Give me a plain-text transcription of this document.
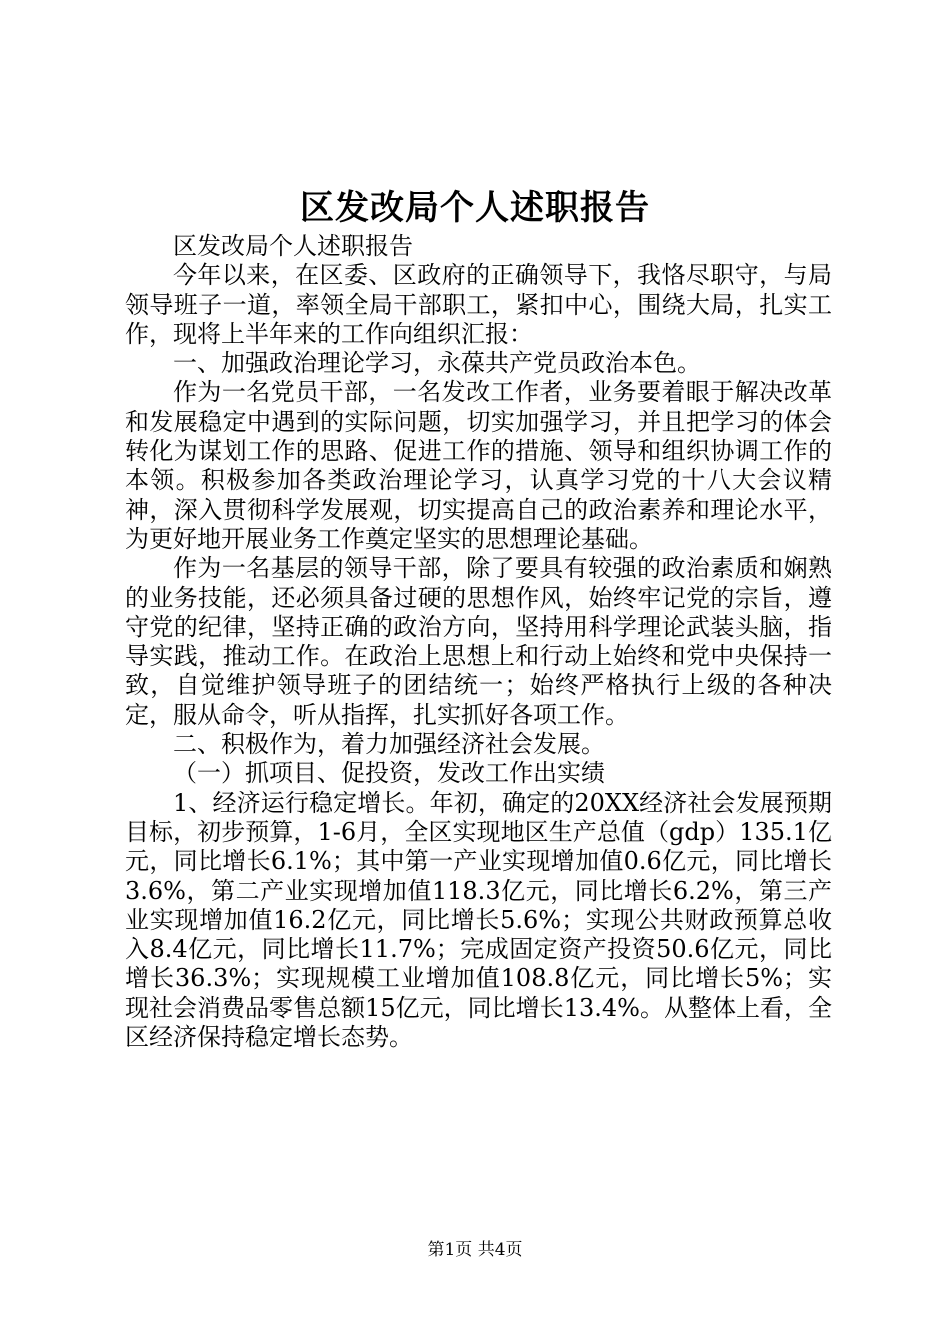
区发改局个人述职报告

区发改局个人述职报告

今年以来，在区委、区政府的正确领导下，我恪尽职守，与局领导班子一道，率领全局干部职工，紧扣中心，围绕大局，扎实工作，现将上半年来的工作向组织汇报：

一、加强政治理论学习，永葆共产党员政治本色。

作为一名党员干部，一名发改工作者，业务要着眼于解决改革和发展稳定中遇到的实际问题，切实加强学习，并且把学习的体会转化为谋划工作的思路、促进工作的措施、领导和组织协调工作的本领。积极参加各类政治理论学习，认真学习党的十八大会议精神，深入贯彻科学发展观，切实提高自己的政治素养和理论水平，为更好地开展业务工作奠定坚实的思想理论基础。

作为一名基层的领导干部，除了要具有较强的政治素质和娴熟的业务技能，还必须具备过硬的思想作风，始终牢记党的宗旨，遵守党的纪律，坚持正确的政治方向，坚持用科学理论武装头脑，指导实践，推动工作。在政治上思想上和行动上始终和党中央保持一致，自觉维护领导班子的团结统一；始终严格执行上级的各种决定，服从命令，听从指挥，扎实抓好各项工作。

二、积极作为，着力加强经济社会发展。

（一）抓项目、促投资，发改工作出实绩

1、经济运行稳定增长。年初，确定的20XX经济社会发展预期目标，初步预算，1-6月，全区实现地区生产总值（gdp）135.1亿元，同比增长6.1%；其中第一产业实现增加值0.6亿元，同比增长3.6%，第二产业实现增加值118.3亿元，同比增长6.2%，第三产业实现增加值16.2亿元，同比增长5.6%；实现公共财政预算总收入8.4亿元，同比增长11.7%；完成固定资产投资50.6亿元，同比增长36.3%；实现规模工业增加值108.8亿元，同比增长5%；实现社会消费品零售总额15亿元，同比增长13.4%。从整体上看，全区经济保持稳定增长态势。

第1页 共4页
